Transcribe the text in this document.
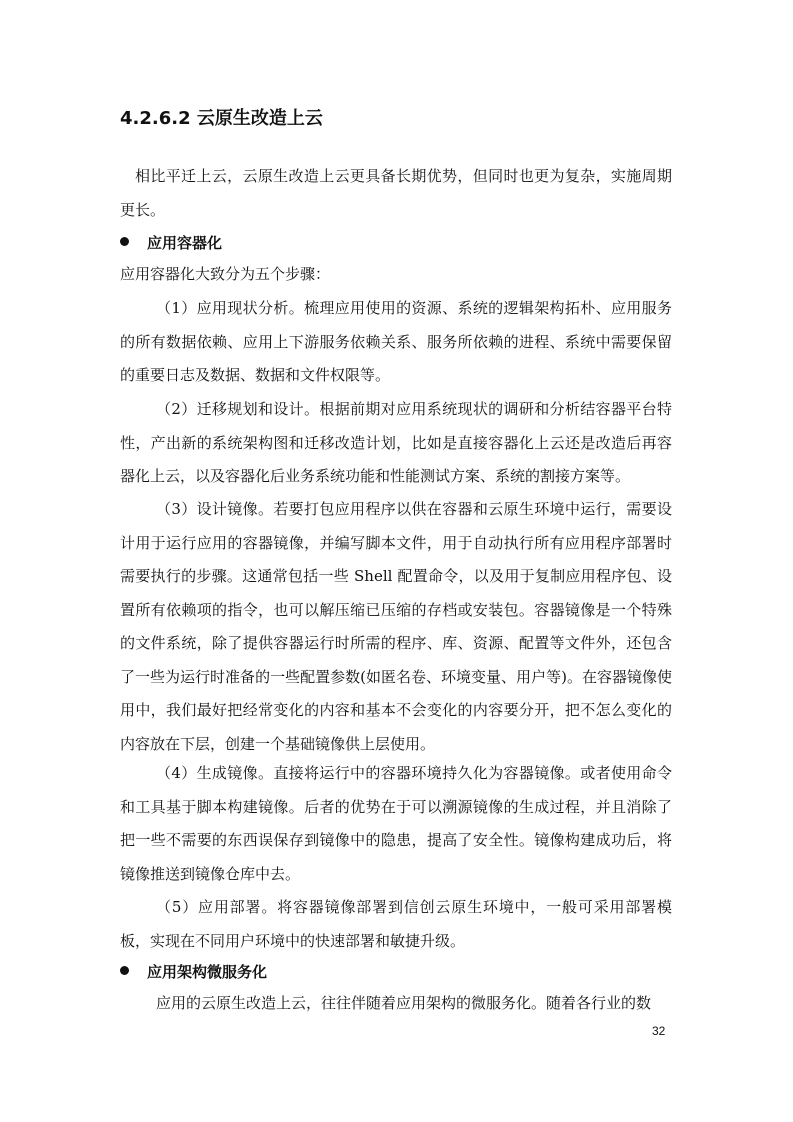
4.2.6.2 云原生改造上云
相比平迁上云，云原生改造上云更具备长期优势，但同时也更为复杂，实施周期更长。
应用容器化
应用容器化大致分为五个步骤：
（1）应用现状分析。梳理应用使用的资源、系统的逻辑架构拓朴、应用服务的所有数据依赖、应用上下游服务依赖关系、服务所依赖的进程、系统中需要保留的重要日志及数据、数据和文件权限等。
（2）迁移规划和设计。根据前期对应用系统现状的调研和分析结容器平台特性，产出新的系统架构图和迁移改造计划，比如是直接容器化上云还是改造后再容器化上云，以及容器化后业务系统功能和性能测试方案、系统的割接方案等。
（3）设计镜像。若要打包应用程序以供在容器和云原生环境中运行，需要设计用于运行应用的容器镜像，并编写脚本文件，用于自动执行所有应用程序部署时需要执行的步骤。这通常包括一些 Shell 配置命令，以及用于复制应用程序包、设置所有依赖项的指令，也可以解压缩已压缩的存档或安装包。容器镜像是一个特殊的文件系统，除了提供容器运行时所需的程序、库、资源、配置等文件外，还包含了一些为运行时准备的一些配置参数(如匿名卷、环境变量、用户等)。在容器镜像使用中，我们最好把经常变化的内容和基本不会变化的内容要分开，把不怎么变化的内容放在下层，创建一个基础镜像供上层使用。
（4）生成镜像。直接将运行中的容器环境持久化为容器镜像。或者使用命令和工具基于脚本构建镜像。后者的优势在于可以溯源镜像的生成过程，并且消除了把一些不需要的东西误保存到镜像中的隐患，提高了安全性。镜像构建成功后，将镜像推送到镜像仓库中去。
（5）应用部署。将容器镜像部署到信创云原生环境中，一般可采用部署模板，实现在不同用户环境中的快速部署和敏捷升级。
应用架构微服务化
应用的云原生改造上云，往往伴随着应用架构的微服务化。随着各行业的数
32
